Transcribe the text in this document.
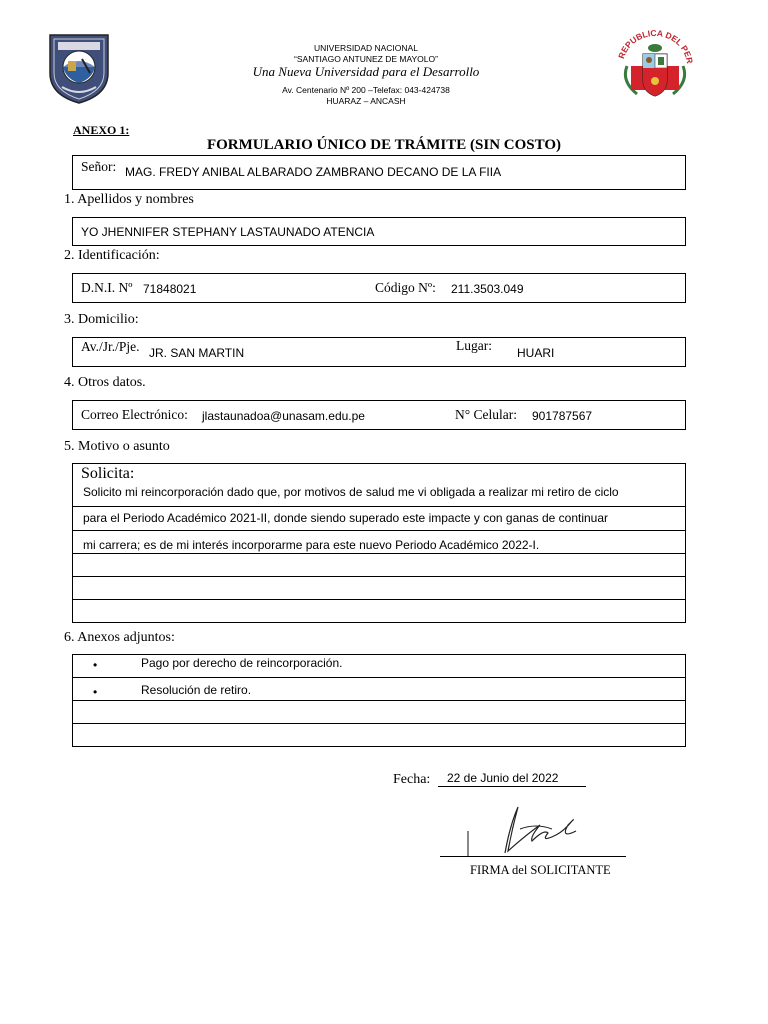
UNIVERSIDAD NACIONAL
“SANTIAGO ANTUNEZ DE MAYOLO”
Una Nueva Universidad para el Desarrollo
Av. Centenario Nº 200 –Telefax: 043-424738
HUARAZ – ANCASH
REPUBLICA DEL PER
ANEXO 1:
FORMULARIO ÚNICO DE TRÁMITE (SIN COSTO)
Señor: MAG. FREDY ANIBAL ALBARADO ZAMBRANO DECANO DE LA FIIA
1. Apellidos y nombres
YO JHENNIFER STEPHANY LASTAUNADO ATENCIA
2. Identificación:
D.N.I. Nº 71848021	Código Nº: 211.3503.049
3. Domicilio:
Av./Jr./Pje. JR. SAN MARTIN	Lugar: HUARI
4. Otros datos.
Correo Electrónico: jlastaunadoa@unasam.edu.pe	N° Celular: 901787567
5. Motivo o asunto
Solicita:
Solicito mi reincorporación dado que, por motivos de salud me vi obligada a realizar mi retiro de ciclo
para el Periodo Académico 2021-II, donde siendo superado este impacte y con ganas de continuar
mi carrera; es de mi interés incorporarme para este nuevo Periodo Académico 2022-I.
6. Anexos adjuntos:
•	Pago por derecho de reincorporación.
•	Resolución de retiro.
Fecha: 22 de Junio del 2022
FIRMA del SOLICITANTE
